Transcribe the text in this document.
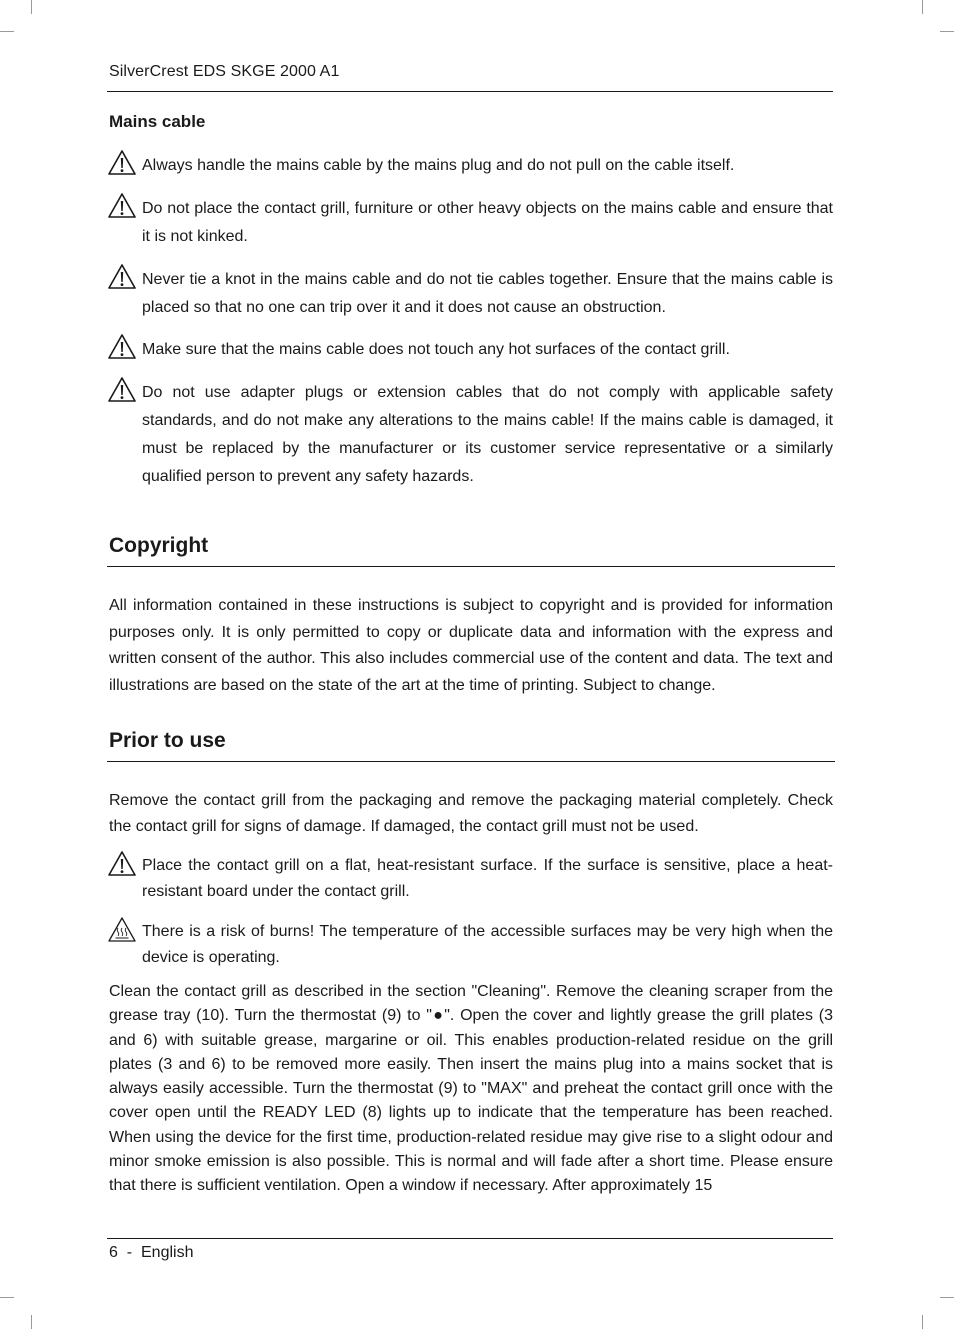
SilverCrest EDS SKGE 2000 A1
Mains cable
Always handle the mains cable by the mains plug and do not pull on the cable itself.
Do not place the contact grill, furniture or other heavy objects on the mains cable and ensure that it is not kinked.
Never tie a knot in the mains cable and do not tie cables together. Ensure that the mains cable is placed so that no one can trip over it and it does not cause an obstruction.
Make sure that the mains cable does not touch any hot surfaces of the contact grill.
Do not use adapter plugs or extension cables that do not comply with applicable safety standards, and do not make any alterations to the mains cable! If the mains cable is damaged, it must be replaced by the manufacturer or its customer service representative or a similarly qualified person to prevent any safety hazards.
Copyright
All information contained in these instructions is subject to copyright and is provided for information purposes only. It is only permitted to copy or duplicate data and information with the express and written consent of the author. This also includes commercial use of the content and data. The text and illustrations are based on the state of the art at the time of printing. Subject to change.
Prior to use
Remove the contact grill from the packaging and remove the packaging material completely. Check the contact grill for signs of damage. If damaged, the contact grill must not be used.
Place the contact grill on a flat, heat-resistant surface. If the surface is sensitive, place a heat-resistant board under the contact grill.
There is a risk of burns! The temperature of the accessible surfaces may be very high when the device is operating.
Clean the contact grill as described in the section "Cleaning". Remove the cleaning scraper from the grease tray (10). Turn the thermostat (9) to "●". Open the cover and lightly grease the grill plates (3 and 6) with suitable grease, margarine or oil. This enables production-related residue on the grill plates (3 and 6) to be removed more easily. Then insert the mains plug into a mains socket that is always easily accessible. Turn the thermostat (9) to "MAX" and preheat the contact grill once with the cover open until the READY LED (8) lights up to indicate that the temperature has been reached. When using the device for the first time, production-related residue may give rise to a slight odour and minor smoke emission is also possible. This is normal and will fade after a short time. Please ensure that there is sufficient ventilation. Open a window if necessary. After approximately 15
6  -  English
